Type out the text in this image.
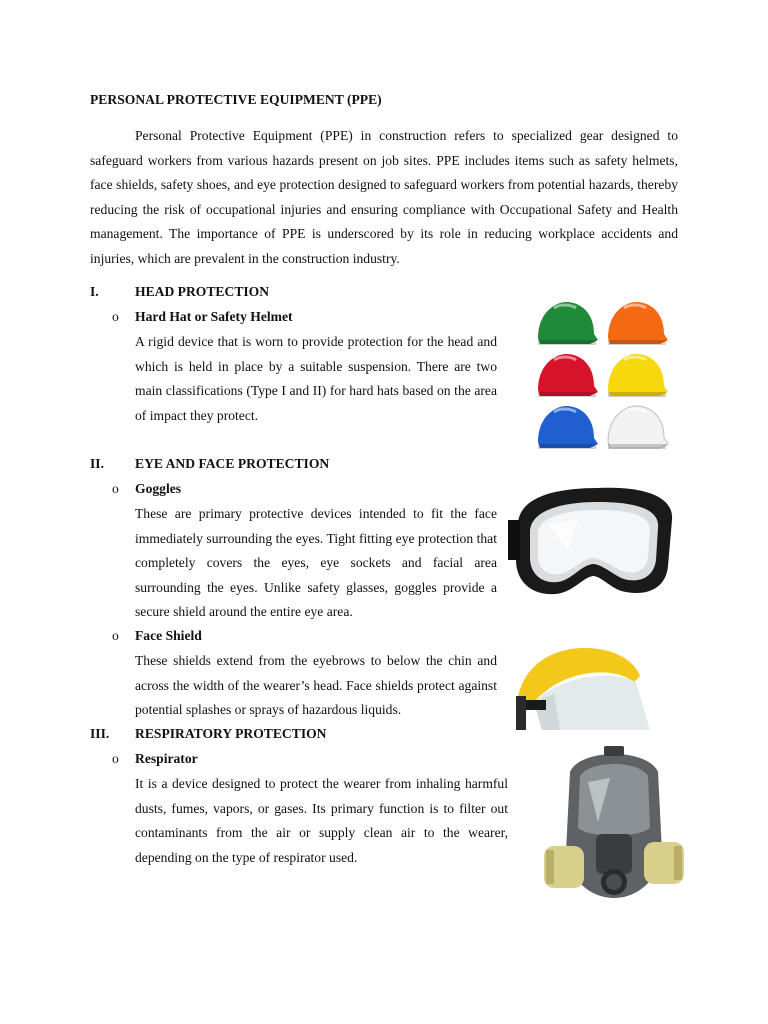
PERSONAL PROTECTIVE EQUIPMENT (PPE)

Personal Protective Equipment (PPE) in construction refers to specialized gear designed to safeguard workers from various hazards present on job sites. PPE includes items such as safety helmets, face shields, safety shoes, and eye protection designed to safeguard workers from potential hazards, thereby reducing the risk of occupational injuries and ensuring compliance with Occupational Safety and Health management. The importance of PPE is underscored by its role in reducing workplace accidents and injuries, which are prevalent in the construction industry.

I.	HEAD PROTECTION
o Hard Hat or Safety Helmet

A rigid device that is worn to provide protection for the head and which is held in place by a suitable suspension. There are two main classifications (Type I and II) for hard hats based on the area of impact they protect.

II. EYE AND FACE PROTECTION
o Goggles

These are primary protective devices intended to fit the face immediately surrounding the eyes. Tight fitting eye protection that completely covers the eyes, eye sockets and facial area surrounding the eyes. Unlike safety glasses, goggles provide a secure shield around the entire eye area.

o Face Shield

These shields extend from the eyebrows to below the chin and across the width of the wearer’s head. Face shields protect against potential splashes or sprays of hazardous liquids.

III. RESPIRATORY PROTECTION
o Respirator

It is a device designed to protect the wearer from inhaling harmful dusts, fumes, vapors, or gases. Its primary function is to filter out contaminants from the air or supply clean air to the wearer, depending on the type of respirator used.
